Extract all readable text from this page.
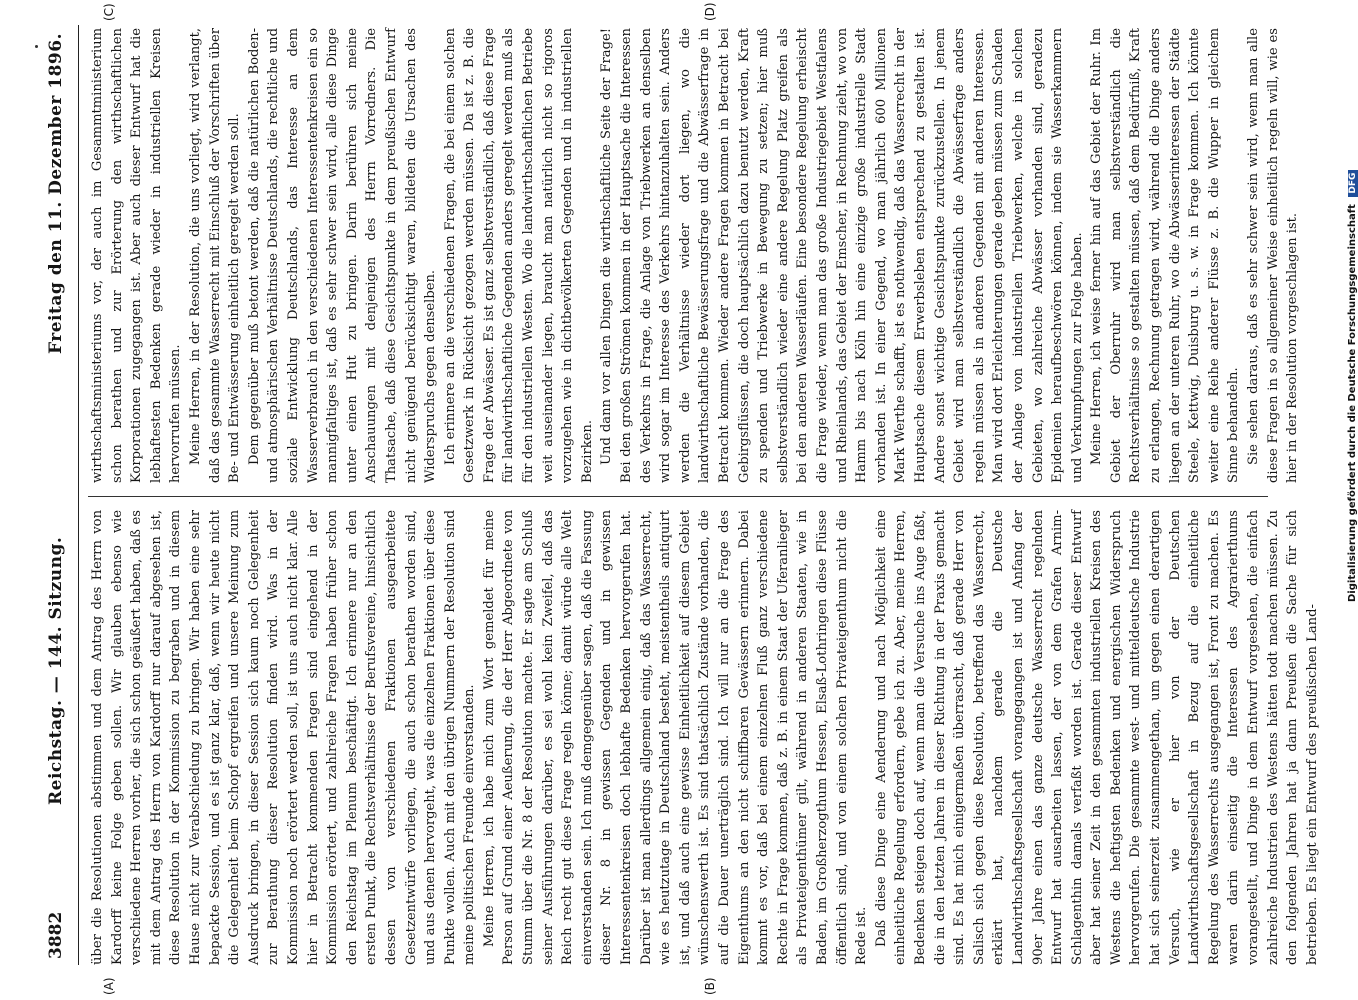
3882
Reichstag. — 144. Sitzung.
Freitag den 11. Dezember 1896.

über die Resolutionen abstimmen und dem Antrag des Herrn von Kardorff keine Folge geben sollen. Wir glauben ebenso wie verschiedene Herren vorher, die sich schon geäußert haben, daß es mit dem Antrag des Herrn von Kardorff nur darauf abgesehen ist, diese Resolution in der Kommission zu begraben und in diesem Hause nicht zur Verabschiedung zu bringen. Wir haben eine sehr bepackte Session, und es ist ganz klar, daß, wenn wir heute nicht die Gelegenheit beim Schopf ergreifen und unsere Meinung zum Ausdruck bringen, in dieser Session sich kaum noch Gelegenheit zur Berathung dieser Resolution finden wird. Was in der Kommission noch erörtert werden soll, ist uns auch nicht klar. Alle hier in Betracht kommenden Fragen sind eingehend in der Kommission erörtert, und zahlreiche Fragen haben früher schon den Reichstag im Plenum beschäftigt. Ich erinnere nur an den ersten Punkt, die Rechtsverhältnisse der Berufsvereine, hinsichtlich dessen von verschiedenen Fraktionen ausgearbeitete Gesetzentwürfe vorliegen, die auch schon berathen worden sind, und aus denen hervorgeht, was die einzelnen Fraktionen über diese Punkte wollen. Auch mit den übrigen Nummern der Resolution sind meine politischen Freunde einverstanden. Meine Herren, ich habe mich zum Wort gemeldet für meine Person auf Grund einer Aeußerung, die der Herr Abgeordnete von Stumm über die Nr. 8 der Resolution machte. Er sagte am Schluß seiner Ausführungen darüber, es sei wohl kein Zweifel, daß das Reich recht gut diese Frage regeln könne; damit würde alle Welt einverstanden sein. Ich muß demgegenüber sagen, daß die Fassung dieser Nr. 8 in gewissen Gegenden und in gewissen Interessentenkreisen doch lebhafte Bedenken hervorgerufen hat. Darüber ist man allerdings allgemein einig, daß das Wasserrecht, wie es heutzutage in Deutschland besteht, meistentheils antiquirt ist, und daß auch eine gewisse Einheitlichkeit auf diesem Gebiet wünschenswerth ist. Es sind thatsächlich Zustände vorhanden, die auf die Dauer unerträglich sind. Ich will nur an die Frage des Eigenthums an den nicht schiffbaren Gewässern erinnern. Dabei kommt es vor, daß bei einem einzelnen Fluß ganz verschiedene Rechte in Frage kommen, daß z. B. in einem Staat der Uferanlieger als Privateigenthümer gilt, während in anderen Staaten, wie in Baden, im Großherzogthum Hessen, Elsaß-Lothringen diese Flüsse öffentlich sind, und von einem solchen Privateigenthum nicht die Rede ist. Daß diese Dinge eine Aenderung und nach Möglichkeit eine einheitliche Regelung erfordern, gebe ich zu. Aber, meine Herren, Bedenken steigen doch auf, wenn man die Versuche ins Auge faßt, die in den letzten Jahren in dieser Richtung in der Praxis gemacht sind. Es hat mich einigermaßen überrascht, daß gerade Herr von Salisch sich gegen diese Resolution, betreffend das Wasserrecht, erklärt hat, nachdem gerade die Deutsche Landwirthschaftsgesellschaft vorangegangen ist und Anfang der 90er Jahre einen das ganze deutsche Wasserrecht regelnden Entwurf hat ausarbeiten lassen, der von dem Grafen Arnim-Schlagenthin damals verfaßt worden ist. Gerade dieser Entwurf aber hat seiner Zeit in den gesammten industriellen Kreisen des Westens die heftigsten Bedenken und energischen Widerspruch hervorgerufen. Die gesammte west- und mitteldeutsche Industrie hat sich seinerzeit zusammengethan, um gegen einen derartigen Versuch, wie er hier von der Deutschen Landwirthschaftsgesellschaft in Bezug auf die einheitliche Regelung des Wasserrechts ausgegangen ist, Front zu machen. Es waren darin einseitig die Interessen des Agrarierthums vorangestellt, und Dinge in dem Entwurf vorgesehen, die einfach zahlreiche Industrien des Westens hätten todt machen müssen. Zu den folgenden Jahren hat ja dann Preußen die Sache für sich betrieben. Es liegt ein Entwurf des preußischen Land-

wirthschaftsministeriums vor, der auch im Gesammtministerium schon berathen und zur Erörterung den wirthschaftlichen Korporationen zugegangen ist. Aber auch dieser Entwurf hat die lebhaftesten Bedenken gerade wieder in industriellen Kreisen hervorrufen müssen. Meine Herren, in der Resolution, die uns vorliegt, wird verlangt, daß das gesammte Wasserrecht mit Einschluß der Vorschriften über Be- und Entwässerung einheitlich geregelt werden soll. Dem gegenüber muß betont werden, daß die natürlichen Boden- und atmosphärischen Verhältnisse Deutschlands, die rechtliche und soziale Entwicklung Deutschlands, das Interesse an dem Wasserverbrauch in den verschiedenen Interessentenkreisen ein so mannigfaltiges ist, daß es sehr schwer sein wird, alle diese Dinge unter einen Hut zu bringen. Darin berühren sich meine Anschauungen mit denjenigen des Herrn Vorredners. Die Thatsache, daß diese Gesichtspunkte in dem preußischen Entwurf nicht genügend berücksichtigt waren, bildeten die Ursachen des Widerspruchs gegen denselben. Ich erinnere an die verschiedenen Fragen, die bei einem solchen Gesetzwerk in Rücksicht gezogen werden müssen. Da ist z. B. die Frage der Abwässer. Es ist ganz selbstverständlich, daß diese Frage für landwirthschaftliche Gegenden anders geregelt werden muß als für den industriellen Westen. Wo die landwirthschaftlichen Betriebe weit auseinander liegen, braucht man natürlich nicht so rigoros vorzugehen wie in dichtbevölkerten Gegenden und in industriellen Bezirken. Und dann vor allen Dingen die wirthschaftliche Seite der Frage! Bei den großen Strömen kommen in der Hauptsache die Interessen des Verkehrs in Frage, die Anlage von Triebwerken an denselben wird sogar im Interesse des Verkehrs hintanzuhalten sein. Anders werden die Verhältnisse wieder dort liegen, wo die landwirthschaftliche Bewässerungsfrage und die Abwässerfrage in Betracht kommen. Wieder andere Fragen kommen in Betracht bei Gebirgsflüssen, die doch hauptsächlich dazu benutzt werden, Kraft zu spenden und Triebwerke in Bewegung zu setzen; hier muß selbstverständlich wieder eine andere Regelung Platz greifen als bei den anderen Wasserläufen. Eine besondere Regelung erheischt die Frage wieder, wenn man das große Industriegebiet Westfalens und Rheinlands, das Gebiet der Emscher, in Rechnung zieht, wo von Hamm bis nach Köln hin eine einzige große industrielle Stadt vorhanden ist. In einer Gegend, wo man jährlich 600 Millionen Mark Werthe schafft, ist es nothwendig, daß das Wasserrecht in der Hauptsache diesem Erwerbsleben entsprechend zu gestalten ist. Andere sonst wichtige Gesichtspunkte zurückzustellen. In jenem Gebiet wird man selbstverständlich die Abwässerfrage anders regeln müssen als in anderen Gegenden mit anderen Interessen. Man wird dort Erleichterungen gerade geben müssen zum Schaden der Anlage von industriellen Triebwerken, welche in solchen Gebieten, wo zahlreiche Abwässer vorhanden sind, geradezu Epidemien heraufbeschwören können, indem sie Wasserkammern und Verkumpfungen zur Folge haben. Meine Herren, ich weise ferner hin auf das Gebiet der Ruhr. Im Gebiet der Oberruhr wird man selbstverständlich die Rechtsverhältnisse so gestalten müssen, daß dem Bedürfniß, Kraft zu erlangen, Rechnung getragen wird, während die Dinge anders liegen an der unteren Ruhr, wo die Abwässerinteressen der Städte Steele, Kettwig, Duisburg u. s. w. in Frage kommen. Ich könnte weiter eine Reihe anderer Flüsse z. B. die Wupper in gleichem Sinne behandeln. Sie sehen daraus, daß es sehr schwer sein wird, wenn man alle diese Fragen in so allgemeiner Weise einheitlich regeln will, wie es hier in der Resolution vorgeschlagen ist.

(A)	(B)
(C)	(D)
Digitalisierung gefördert durch die Deutsche Forschungsgemeinschaft DFG
